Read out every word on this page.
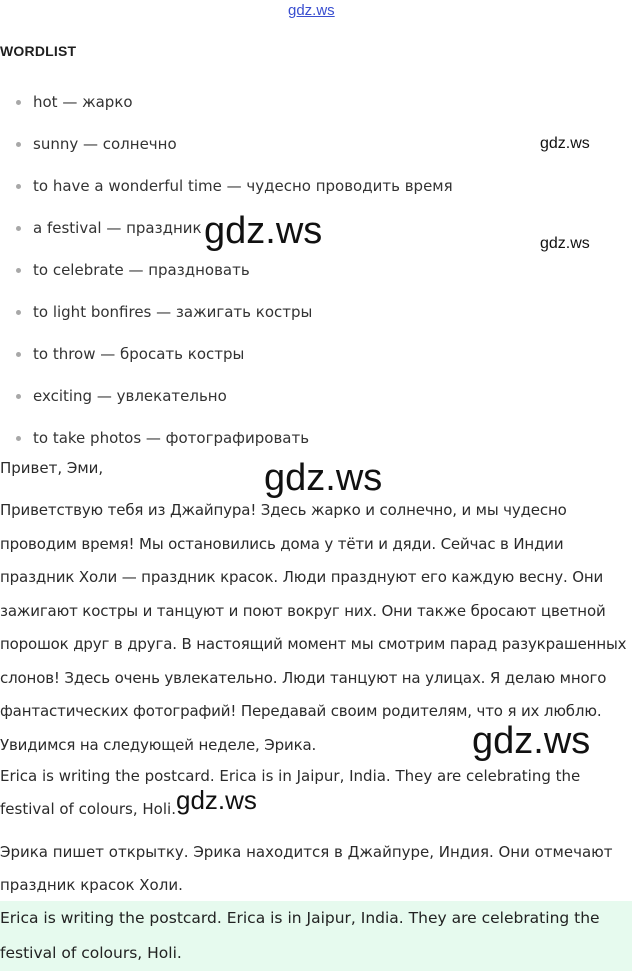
gdz.ws
WORDLIST
hot — жарко
sunny — солнечно
to have a wonderful time — чудесно проводить время
a festival — праздник
to celebrate — праздновать
to light bonfires — зажигать костры
to throw — бросать костры
exciting — увлекательно
to take photos — фотографировать

Привет, Эми,

Приветствую тебя из Джайпура! Здесь жарко и солнечно, и мы чудесно проводим время! Мы остановились дома у тёти и дяди. Сейчас в Индии праздник Холи — праздник красок. Люди празднуют его каждую весну. Они зажигают костры и танцуют и поют вокруг них. Они также бросают цветной порошок друг в друга. В настоящий момент мы смотрим парад разукрашенных слонов! Здесь очень увлекательно. Люди танцуют на улицах. Я делаю много фантастических фотографий! Передавай своим родителям, что я их люблю. Увидимся на следующей неделе, Эрика.

Erica is writing the postcard. Erica is in Jaipur, India. They are celebrating the festival of colours, Holi.

Эрика пишет открытку. Эрика находится в Джайпуре, Индия. Они отмечают праздник красок Холи.

Erica is writing the postcard. Erica is in Jaipur, India. They are celebrating the festival of colours, Holi.

gdz.ws
gdz.ws
gdz.ws
gdz.ws
gdz.ws
gdz.ws
